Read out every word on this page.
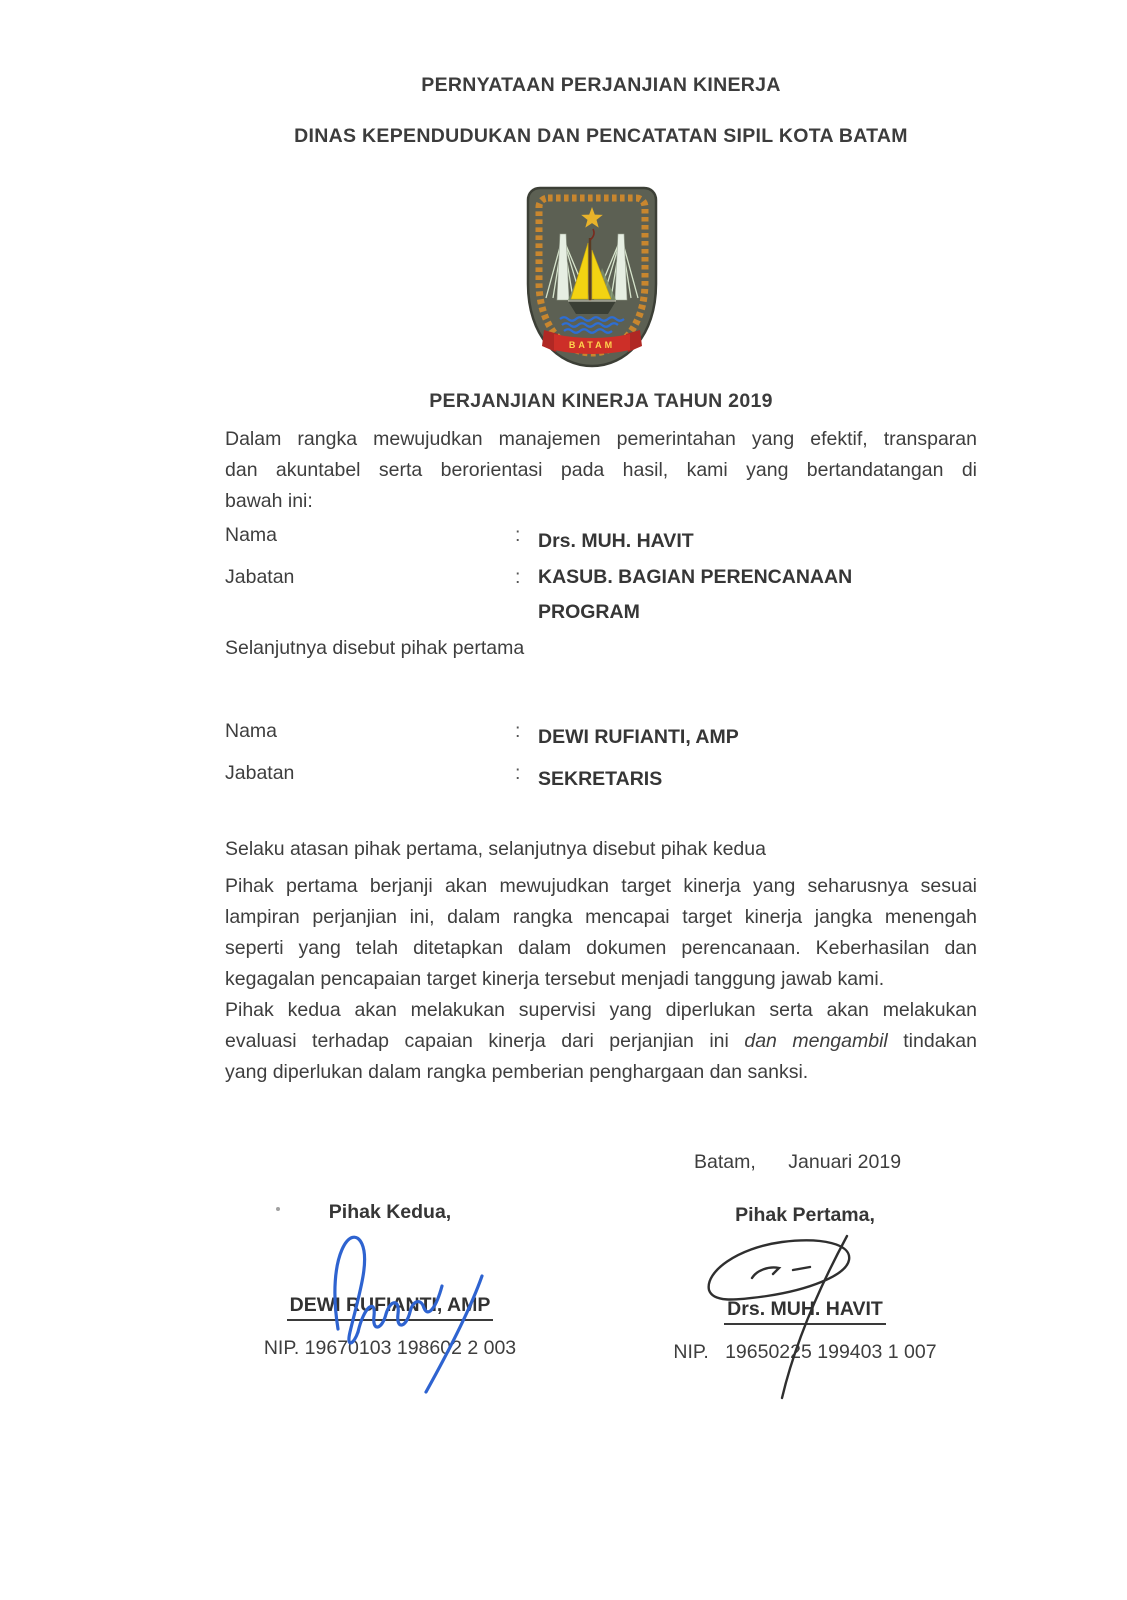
PERNYATAAN PERJANJIAN KINERJA
DINAS KEPENDUDUKAN DAN PENCATATAN SIPIL KOTA BATAM
BATAM
PERJANJIAN KINERJA TAHUN 2019
Dalam rangka mewujudkan manajemen pemerintahan yang efektif, transparan
dan akuntabel serta berorientasi pada hasil, kami yang bertandatangan di
bawah ini:
Nama	: Drs. MUH. HAVIT
Jabatan	: KASUB. BAGIAN PERENCANAAN
PROGRAM
Selanjutnya disebut pihak pertama
Nama	: DEWI RUFIANTI, AMP
Jabatan	: SEKRETARIS
Selaku atasan pihak pertama, selanjutnya disebut pihak kedua
Pihak pertama berjanji akan mewujudkan target kinerja yang seharusnya sesuai
lampiran perjanjian ini, dalam rangka mencapai target kinerja jangka menengah
seperti yang telah ditetapkan dalam dokumen perencanaan. Keberhasilan dan
kegagalan pencapaian target kinerja tersebut menjadi tanggung jawab kami.
Pihak kedua akan melakukan supervisi yang diperlukan serta akan melakukan
evaluasi terhadap capaian kinerja dari perjanjian ini dan mengambil tindakan
yang diperlukan dalam rangka pemberian penghargaan dan sanksi.
Batam,      Januari 2019
Pihak Kedua,
DEWI RUFIANTI, AMP
NIP. 19670103 198602 2 003
Pihak Pertama,
Drs. MUH. HAVIT
NIP.   19650225 199403 1 007
